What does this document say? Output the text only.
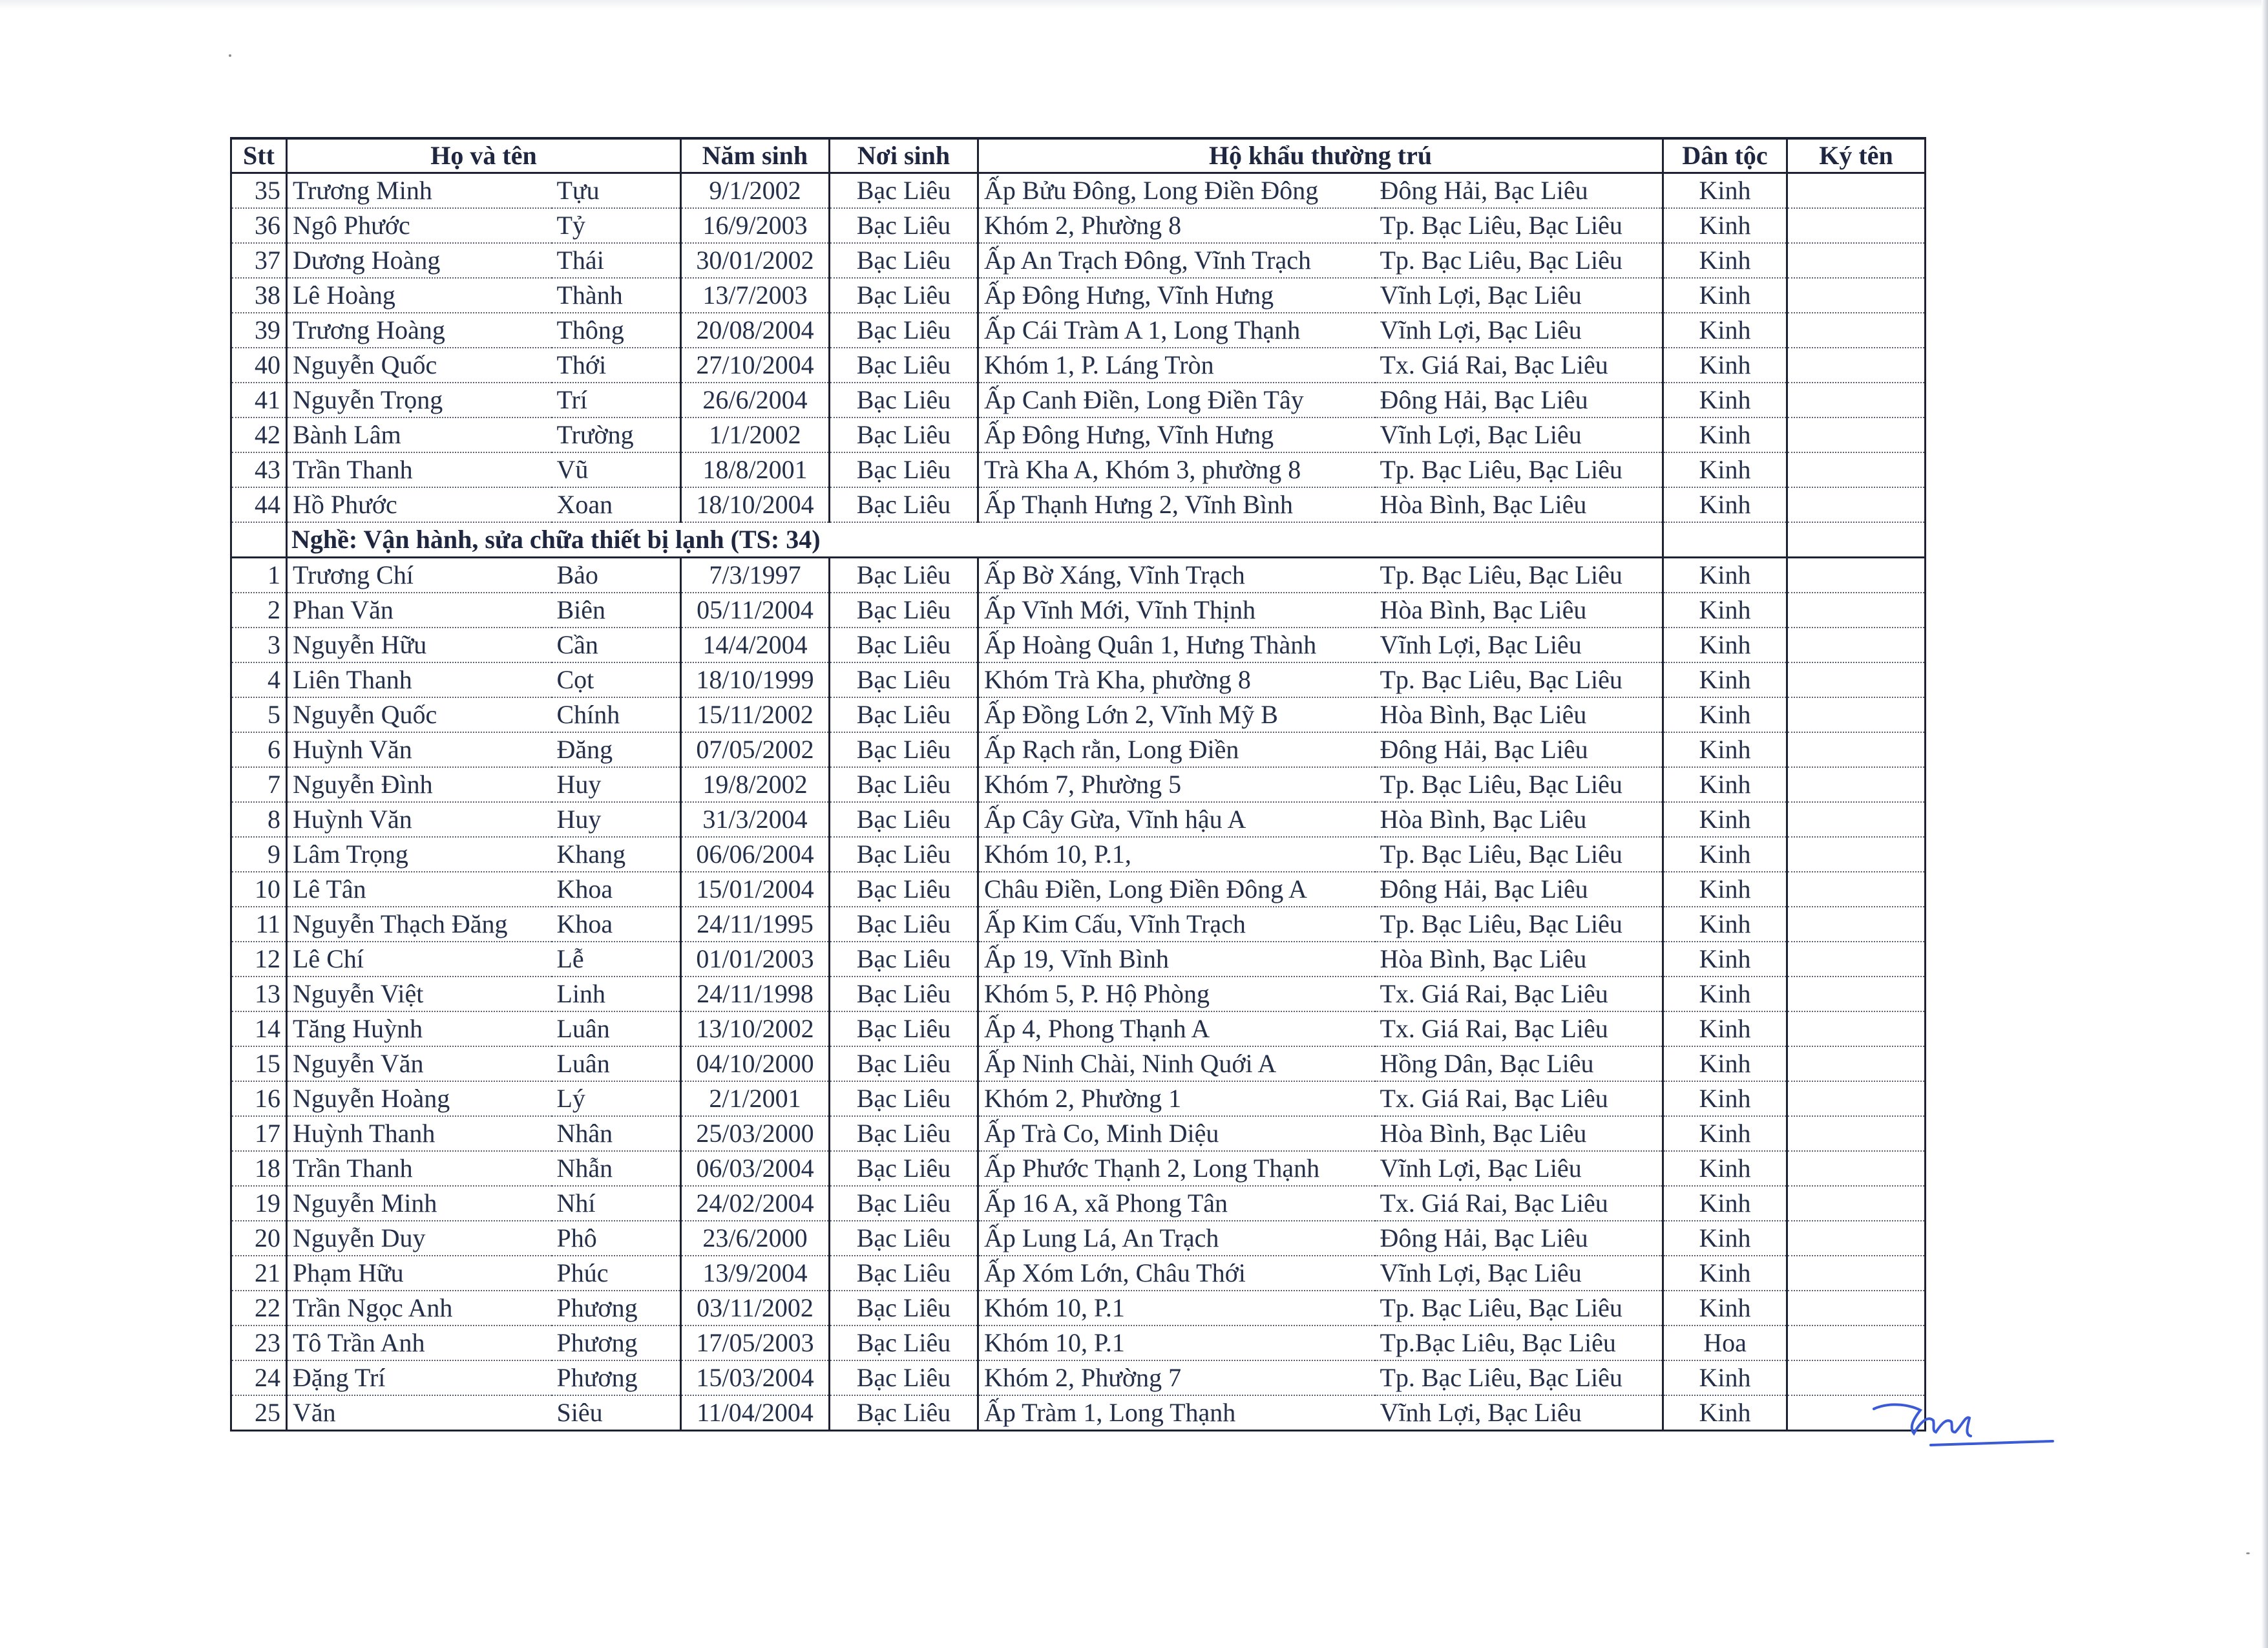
Stt	Họ và tên		Năm sinh	Nơi sinh	Hộ khẩu thường trú		Dân tộc	Ký tên
35	Trương Minh	Tựu	9/1/2002	Bạc Liêu	Ấp Bửu Đông, Long Điền Đông	Đông Hải, Bạc Liêu	Kinh	
36	Ngô Phước	Tỷ	16/9/2003	Bạc Liêu	Khóm 2, Phường 8	Tp. Bạc Liêu, Bạc Liêu	Kinh	
37	Dương Hoàng	Thái	30/01/2002	Bạc Liêu	Ấp An Trạch Đông, Vĩnh Trạch	Tp. Bạc Liêu, Bạc Liêu	Kinh	
38	Lê Hoàng	Thành	13/7/2003	Bạc Liêu	Ấp Đông Hưng, Vĩnh Hưng	Vĩnh Lợi, Bạc Liêu	Kinh	
39	Trương Hoàng	Thông	20/08/2004	Bạc Liêu	Ấp Cái Tràm A 1, Long Thạnh	Vĩnh Lợi, Bạc Liêu	Kinh	
40	Nguyễn Quốc	Thới	27/10/2004	Bạc Liêu	Khóm 1, P. Láng Tròn	Tx. Giá Rai, Bạc Liêu	Kinh	
41	Nguyễn Trọng	Trí	26/6/2004	Bạc Liêu	Ấp Canh Điền, Long Điền Tây	Đông Hải, Bạc Liêu	Kinh	
42	Bành Lâm	Trường	1/1/2002	Bạc Liêu	Ấp Đông Hưng, Vĩnh Hưng	Vĩnh Lợi, Bạc Liêu	Kinh	
43	Trần Thanh	Vũ	18/8/2001	Bạc Liêu	Trà Kha A, Khóm 3, phường 8	Tp. Bạc Liêu, Bạc Liêu	Kinh	
44	Hồ Phước	Xoan	18/10/2004	Bạc Liêu	Ấp Thạnh Hưng 2, Vĩnh Bình	Hòa Bình, Bạc Liêu	Kinh	
	Nghề: Vận hành, sửa chữa thiết bị lạnh (TS: 34)							
1	Trương Chí	Bảo	7/3/1997	Bạc Liêu	Ấp Bờ Xáng, Vĩnh Trạch	Tp. Bạc Liêu, Bạc Liêu	Kinh	
2	Phan Văn	Biên	05/11/2004	Bạc Liêu	Ấp Vĩnh Mới, Vĩnh Thịnh	Hòa Bình, Bạc Liêu	Kinh	
3	Nguyễn Hữu	Cần	14/4/2004	Bạc Liêu	Ấp Hoàng Quân 1, Hưng Thành	Vĩnh Lợi, Bạc Liêu	Kinh	
4	Liên Thanh	Cọt	18/10/1999	Bạc Liêu	Khóm Trà Kha, phường 8	Tp. Bạc Liêu, Bạc Liêu	Kinh	
5	Nguyễn Quốc	Chính	15/11/2002	Bạc Liêu	Ấp Đồng Lớn 2, Vĩnh Mỹ B	Hòa Bình, Bạc Liêu	Kinh	
6	Huỳnh Văn	Đăng	07/05/2002	Bạc Liêu	Ấp Rạch rằn, Long Điền	Đông Hải, Bạc Liêu	Kinh	
7	Nguyễn Đình	Huy	19/8/2002	Bạc Liêu	Khóm 7, Phường 5	Tp. Bạc Liêu, Bạc Liêu	Kinh	
8	Huỳnh Văn	Huy	31/3/2004	Bạc Liêu	Ấp Cây Gừa, Vĩnh hậu A	Hòa Bình, Bạc Liêu	Kinh	
9	Lâm Trọng	Khang	06/06/2004	Bạc Liêu	Khóm 10, P.1,	Tp. Bạc Liêu, Bạc Liêu	Kinh	
10	Lê Tân	Khoa	15/01/2004	Bạc Liêu	Châu Điền, Long Điền Đông A	Đông Hải, Bạc Liêu	Kinh	
11	Nguyễn Thạch Đăng	Khoa	24/11/1995	Bạc Liêu	Ấp Kim Cấu, Vĩnh Trạch	Tp. Bạc Liêu, Bạc Liêu	Kinh	
12	Lê Chí	Lễ	01/01/2003	Bạc Liêu	Ấp 19, Vĩnh Bình	Hòa Bình, Bạc Liêu	Kinh	
13	Nguyễn Việt	Linh	24/11/1998	Bạc Liêu	Khóm 5, P. Hộ Phòng	Tx. Giá Rai, Bạc Liêu	Kinh	
14	Tăng Huỳnh	Luân	13/10/2002	Bạc Liêu	Ấp 4, Phong Thạnh A	Tx. Giá Rai, Bạc Liêu	Kinh	
15	Nguyễn Văn	Luân	04/10/2000	Bạc Liêu	Ấp Ninh Chài, Ninh Quới A	Hồng Dân, Bạc Liêu	Kinh	
16	Nguyễn Hoàng	Lý	2/1/2001	Bạc Liêu	Khóm 2, Phường 1	Tx. Giá Rai, Bạc Liêu	Kinh	
17	Huỳnh Thanh	Nhân	25/03/2000	Bạc Liêu	Ấp Trà Co, Minh Diệu	Hòa Bình, Bạc Liêu	Kinh	
18	Trần Thanh	Nhẫn	06/03/2004	Bạc Liêu	Ấp Phước Thạnh 2, Long Thạnh	Vĩnh Lợi, Bạc Liêu	Kinh	
19	Nguyễn Minh	Nhí	24/02/2004	Bạc Liêu	Ấp 16 A, xã Phong Tân	Tx. Giá Rai, Bạc Liêu	Kinh	
20	Nguyễn Duy	Phô	23/6/2000	Bạc Liêu	Ấp Lung Lá, An Trạch	Đông Hải, Bạc Liêu	Kinh	
21	Phạm Hữu	Phúc	13/9/2004	Bạc Liêu	Ấp Xóm Lớn, Châu Thới	Vĩnh Lợi, Bạc Liêu	Kinh	
22	Trần Ngọc Anh	Phương	03/11/2002	Bạc Liêu	Khóm 10, P.1	Tp. Bạc Liêu, Bạc Liêu	Kinh	
23	Tô Trần Anh	Phương	17/05/2003	Bạc Liêu	Khóm 10, P.1	Tp.Bạc Liêu, Bạc Liêu	Hoa	
24	Đặng Trí	Phương	15/03/2004	Bạc Liêu	Khóm 2, Phường 7	Tp. Bạc Liêu, Bạc Liêu	Kinh	
25	Văn	Siêu	11/04/2004	Bạc Liêu	Ấp Tràm 1, Long Thạnh	Vĩnh Lợi, Bạc Liêu	Kinh	
